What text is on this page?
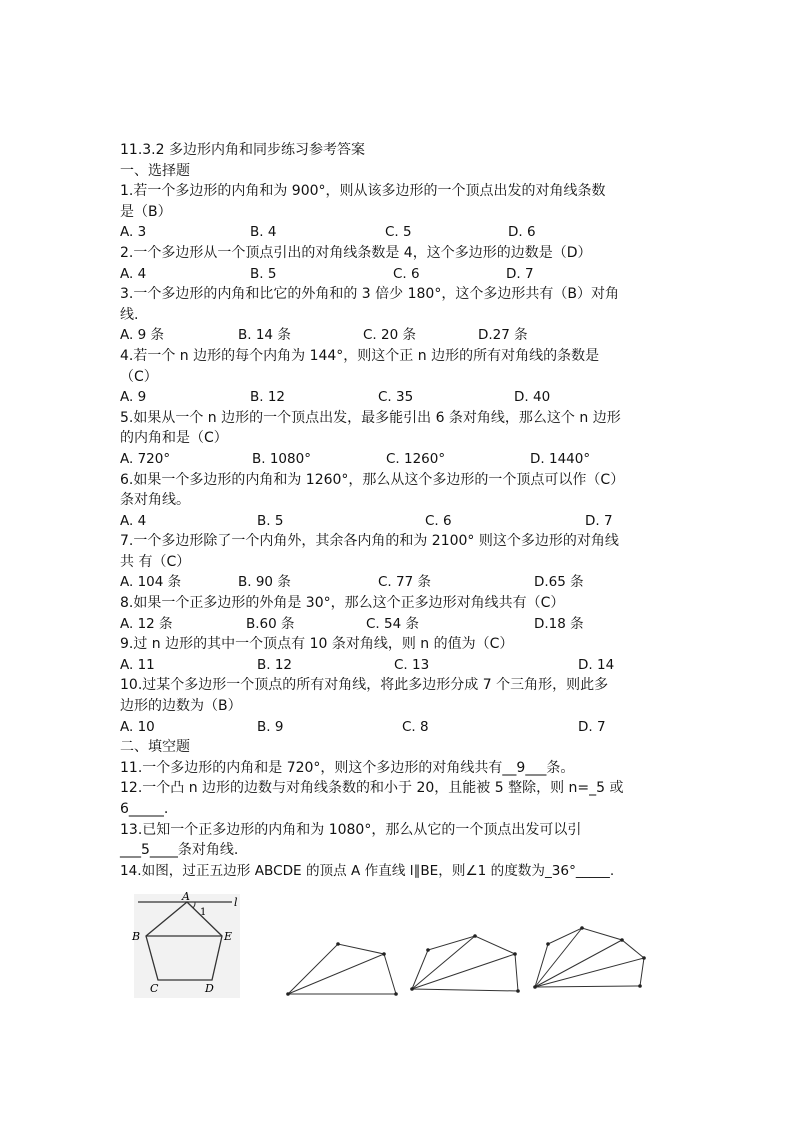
11.3.2 多边形内角和同步练习参考答案
一、选择题
1.若一个多边形的内角和为 900°，则从该多边形的一个顶点出发的对角线条数
是（B）
A. 3	B. 4	C. 5	D. 6
2.一个多边形从一个顶点引出的对角线条数是 4，这个多边形的边数是（D）
A. 4	B. 5	C. 6	D. 7
3.一个多边形的内角和比它的外角和的 3 倍少 180°，这个多边形共有（B）对角
线.
A. 9 条	B. 14 条	C. 20 条	D.27 条
4.若一个 n 边形的每个内角为 144°，则这个正 n 边形的所有对角线的条数是
（C）
A. 9	B. 12	C. 35	D. 40
5.如果从一个 n 边形的一个顶点出发，最多能引出 6 条对角线，那么这个 n 边形
的内角和是（C）
A. 720°	B. 1080°	C. 1260°	D. 1440°
6.如果一个多边形的内角和为 1260°，那么从这个多边形的一个顶点可以作（C）
条对角线。
A. 4	B. 5	C. 6	D. 7
7.一个多边形除了一个内角外，其余各内角的和为 2100° 则这个多边形的对角线
共 有（C）
A. 104 条	B. 90 条	C. 77 条	D.65 条
8.如果一个正多边形的外角是 30°，那么这个正多边形对角线共有（C）
A. 12 条	B.60 条	C. 54 条	D.18 条
9.过 n 边形的其中一个顶点有 10 条对角线，则 n 的值为（C）
A. 11	B. 12	C. 13	D. 14
10.过某个多边形一个顶点的所有对角线，将此多边形分成 7 个三角形，则此多
边形的边数为（B）
A. 10	B. 9	C. 8	D. 7
二、填空题
11.一个多边形的内角和是 720°，则这个多边形的对角线共有__9___条。
12.一个凸 n 边形的边数与对角线条数的和小于 20，且能被 5 整除，则 n=_5 或
6_____.
13.已知一个正多边形的内角和为 1080°，那么从它的一个顶点出发可以引
___5____条对角线.
14.如图，过正五边形 ABCDE 的顶点 A 作直线 l∥BE，则∠1 的度数为_36°_____.
A	l
1
B	E
C	D
